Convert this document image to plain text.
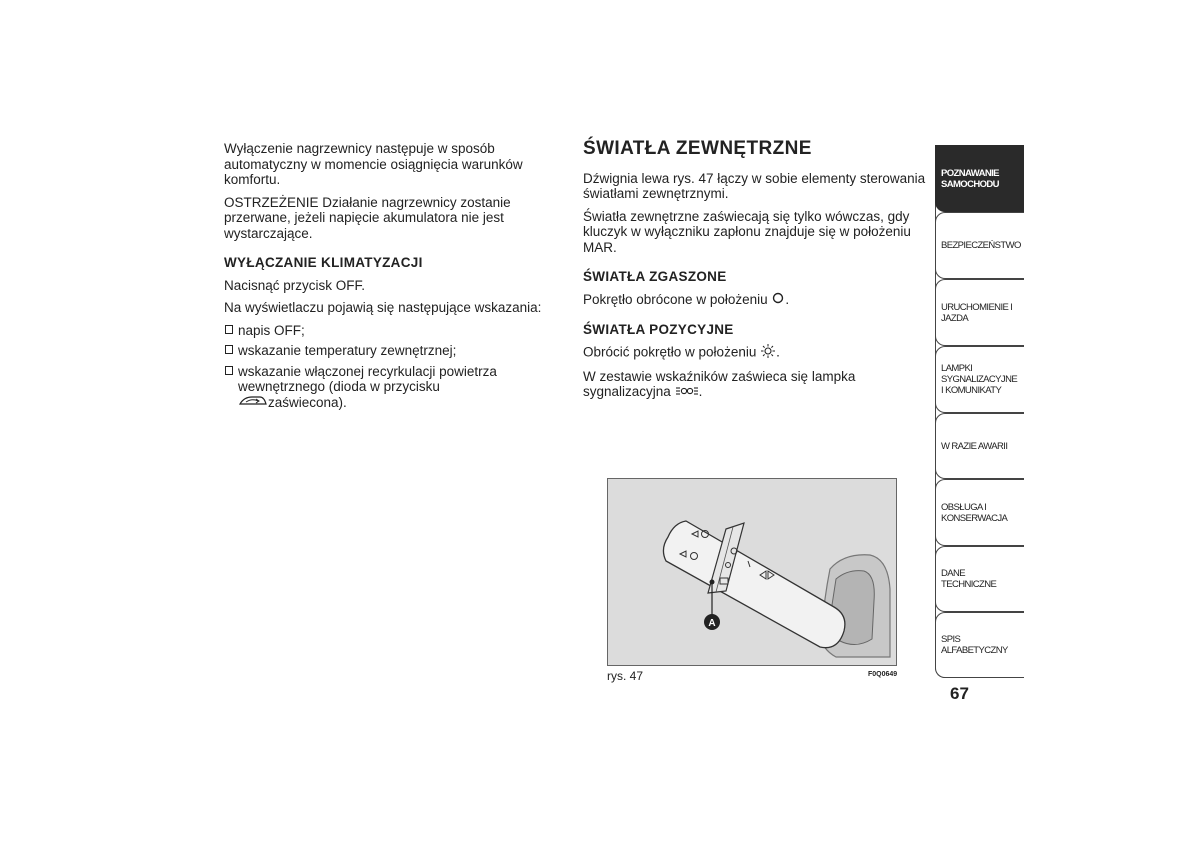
Wyłączenie nagrzewnicy następuje w sposób automatyczny w momencie osiągnięcia warunków komfortu.

OSTRZEŻENIE Działanie nagrzewnicy zostanie przerwane, jeżeli napięcie akumulatora nie jest wystarczające.

WYŁĄCZANIE KLIMATYZACJI

Nacisnąć przycisk OFF.

Na wyświetlaczu pojawią się następujące wskazania:

napis OFF;
wskazanie temperatury zewnętrznej;
wskazanie włączonej recyrkulacji powietrza wewnętrznego (dioda w przycisku
zaświecona).
ŚWIATŁA ZEWNĘTRZNE

Dźwignia lewa rys. 47 łączy w sobie elementy sterowania światłami zewnętrznymi.

Światła zewnętrzne zaświecają się tylko wówczas, gdy kluczyk w wyłączniku zapłonu znajduje się w położeniu MAR.

ŚWIATŁA ZGASZONE

Pokrętło obrócone w położeniu .

ŚWIATŁA POZYCYJNE

Obrócić pokrętło w położeniu .

W zestawie wskaźników zaświeca się lampka sygnalizacyjna .

A
rys. 47	F0Q0649
POZNAWANIE SAMOCHODU
BEZPIECZEŃSTWO
URUCHOMIENIE I JAZDA
LAMPKI SYGNALIZACYJNE I KOMUNIKATY
W RAZIE AWARII
OBSŁUGA I KONSERWACJA
DANE TECHNICZNE
SPIS ALFABETYCZNY
67
